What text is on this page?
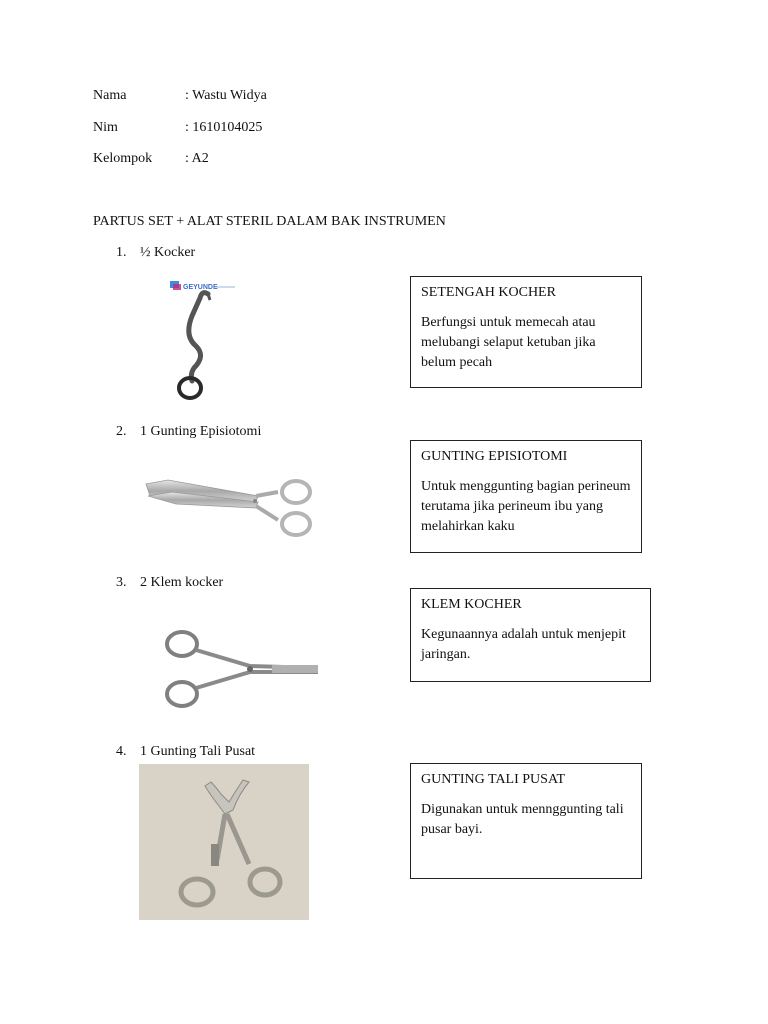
Nama	: Wastu Widya
Nim	: 1610104025
Kelompok : A2
PARTUS SET + ALAT STERIL DALAM BAK INSTRUMEN
1. ½ Kocker
GEYUNDE	SETENGAH KOCHER
Berfungsi untuk memecah atau melubangi selaput ketuban jika belum pecah
2. 1 Gunting Episiotomi
GUNTING EPISIOTOMI
Untuk menggunting bagian perineum terutama jika perineum ibu yang melahirkan kaku
3. 2 Klem kocker
KLEM KOCHER
Kegunaannya adalah untuk menjepit jaringan.
4. 1 Gunting Tali Pusat
GUNTING TALI PUSAT
Digunakan untuk mennggunting tali pusar bayi.
